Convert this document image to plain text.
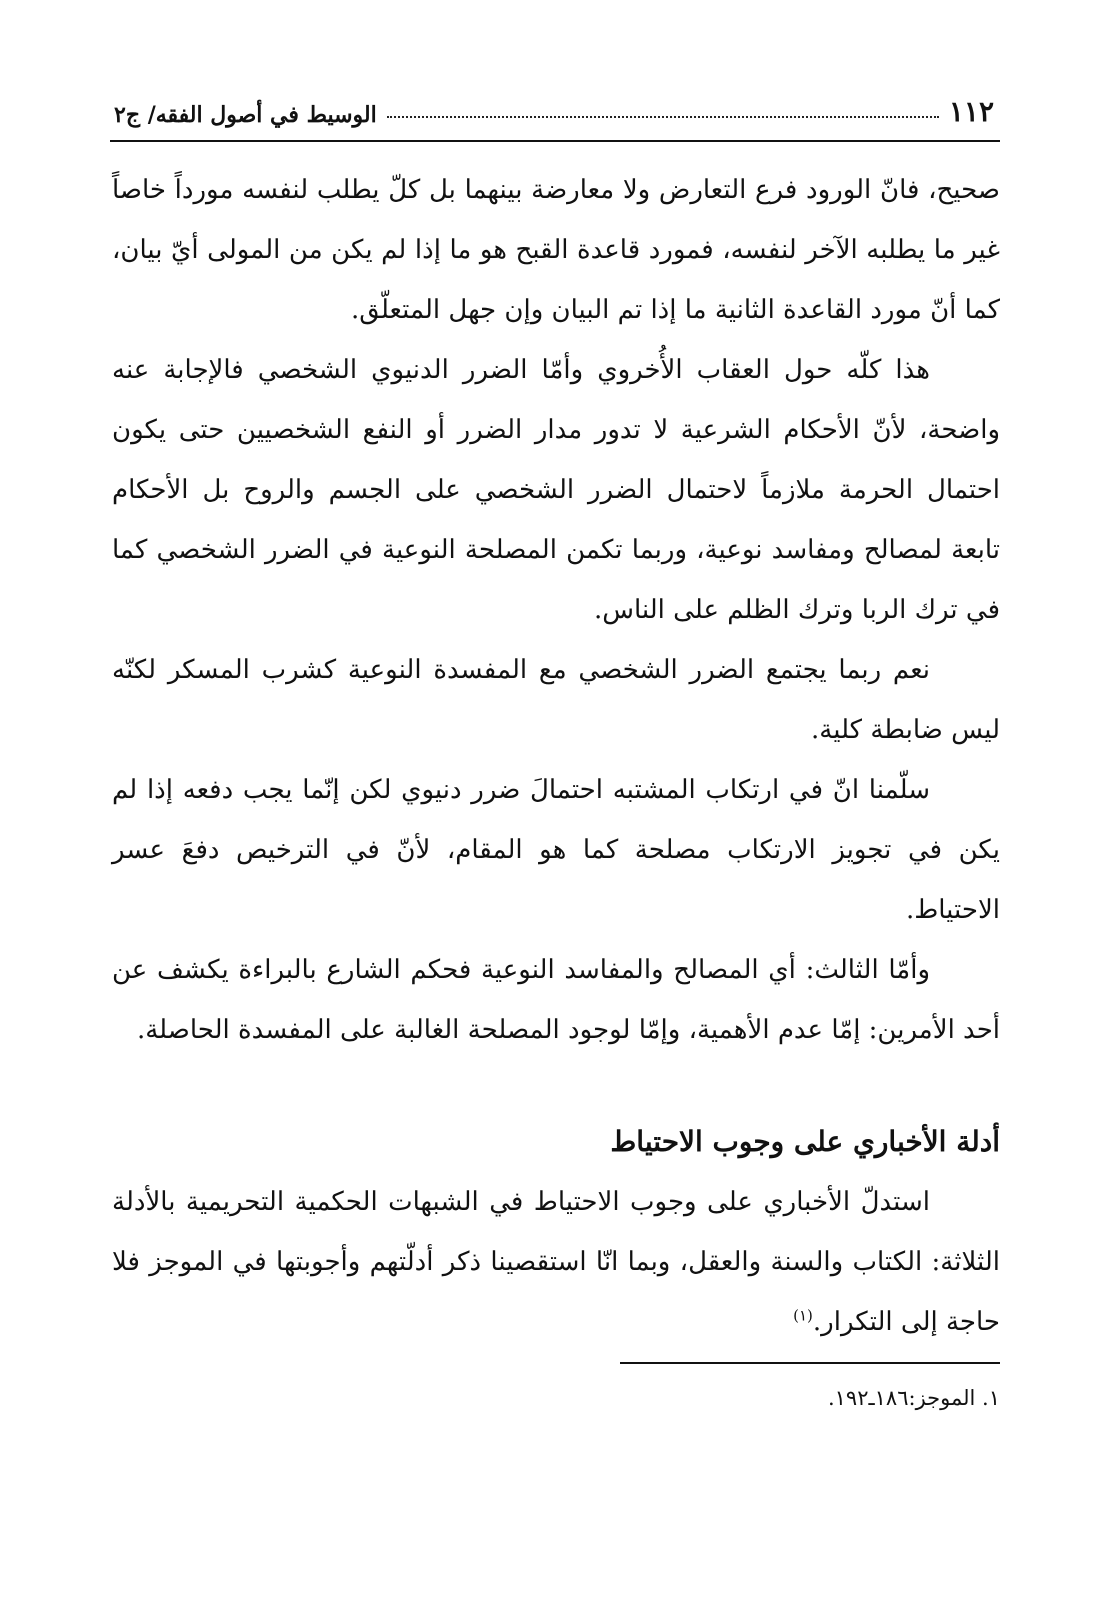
١١٢
الوسيط في أصول الفقه/ ج٢

صحيح، فانّ الورود فرع التعارض ولا معارضة بينهما بل كلّ يطلب لنفسه مورداً خاصاً غير ما يطلبه الآخر لنفسه، فمورد قاعدة القبح هو ما إذا لم يكن من المولى أيّ بيان، كما أنّ مورد القاعدة الثانية ما إذا تم البيان وإن جهل المتعلّق.

هذا كلّه حول العقاب الأُخروي وأمّا الضرر الدنيوي الشخصي فالإجابة عنه واضحة، لأنّ الأحكام الشرعية لا تدور مدار الضرر أو النفع الشخصيين حتى يكون احتمال الحرمة ملازماً لاحتمال الضرر الشخصي على الجسم والروح بل الأحكام تابعة لمصالح ومفاسد نوعية، وربما تكمن المصلحة النوعية في الضرر الشخصي كما في ترك الربا وترك الظلم على الناس.

نعم ربما يجتمع الضرر الشخصي مع المفسدة النوعية كشرب المسكر لكنّه ليس ضابطة كلية.

سلّمنا انّ في ارتكاب المشتبه احتمالَ ضرر دنيوي لكن إنّما يجب دفعه إذا لم يكن في تجويز الارتكاب مصلحة كما هو المقام، لأنّ في الترخيص دفعَ عسر الاحتياط.

وأمّا الثالث: أي المصالح والمفاسد النوعية فحكم الشارع بالبراءة يكشف عن أحد الأمرين: إمّا عدم الأهمية، وإمّا لوجود المصلحة الغالبة على المفسدة الحاصلة.

أدلة الأخباري على وجوب الاحتياط

استدلّ الأخباري على وجوب الاحتياط في الشبهات الحكمية التحريمية بالأدلة الثلاثة: الكتاب والسنة والعقل، وبما انّا استقصينا ذكر أدلّتهم وأجوبتها في الموجز فلا حاجة إلى التكرار.$^{(١)}$

١. الموجز:١٨٦ـ١٩٢.
